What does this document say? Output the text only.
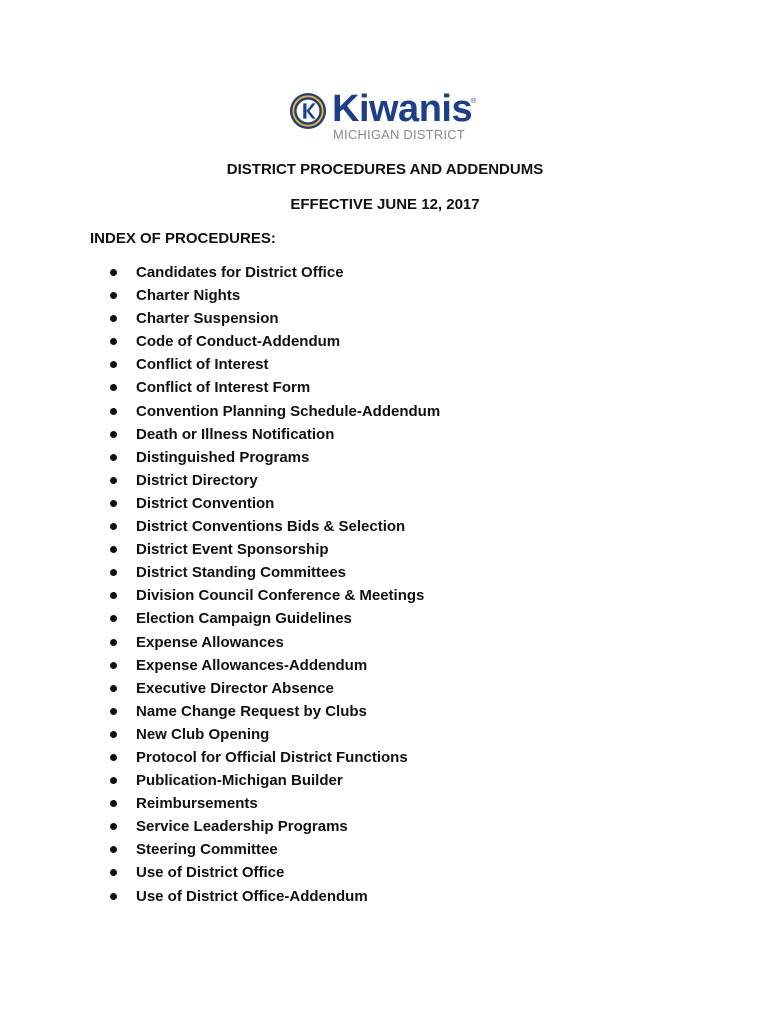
Kiwanis
®
MICHIGAN DISTRICT
DISTRICT PROCEDURES AND ADDENDUMS
EFFECTIVE JUNE 12, 2017
INDEX OF PROCEDURES:
Candidates for District Office
Charter Nights
Charter Suspension
Code of Conduct-Addendum
Conflict of Interest
Conflict of Interest Form
Convention Planning Schedule-Addendum
Death or Illness Notification
Distinguished Programs
District Directory
District Convention
District Conventions Bids & Selection
District Event Sponsorship
District Standing Committees
Division Council Conference & Meetings
Election Campaign Guidelines
Expense Allowances
Expense Allowances-Addendum
Executive Director Absence
Name Change Request by Clubs
New Club Opening
Protocol for Official District Functions
Publication-Michigan Builder
Reimbursements
Service Leadership Programs
Steering Committee
Use of District Office
Use of District Office-Addendum
